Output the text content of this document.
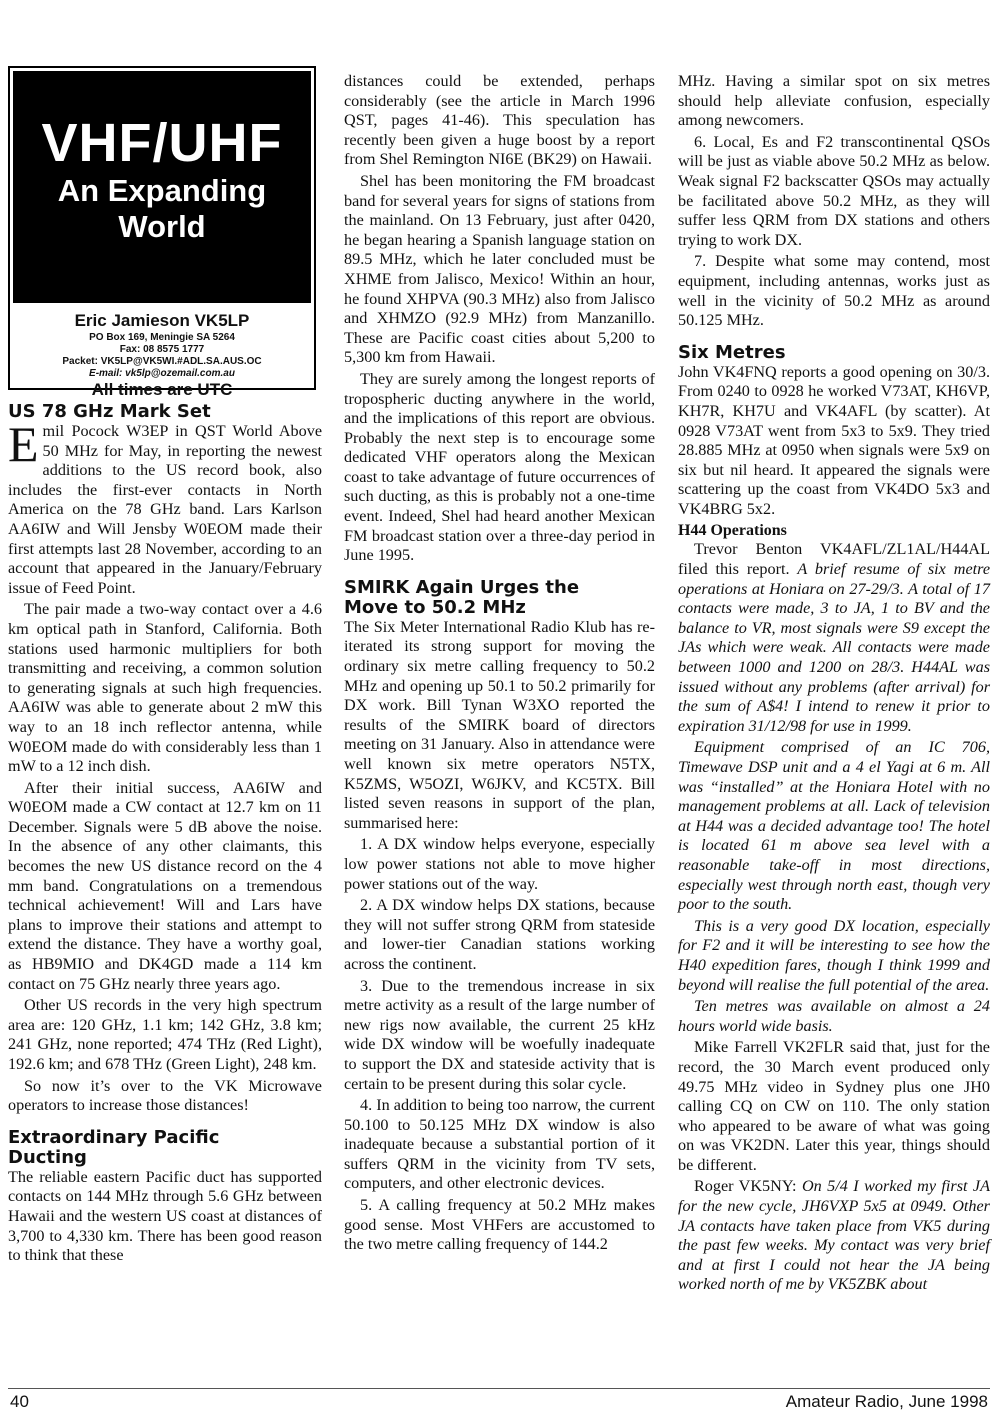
VHF/UHF
An Expanding
World
Eric Jamieson VK5LP
PO Box 169, Meningie SA 5264
Fax: 08 8575 1777
Packet: VK5LP@VK5WI.#ADL.SA.AUS.OC
E-mail: vk5lp@ozemail.com.au
All times are UTC
US 78 GHz Mark Set

Emil Pocock W3EP in QST World Above 50 MHz for May, in reporting the newest additions to the US record book, also includes the first-ever contacts in North America on the 78 GHz band. Lars Karlson AA6IW and Will Jensby W0EOM made their first attempts last 28 November, according to an account that appeared in the January/February issue of Feed Point.

The pair made a two-way contact over a 4.6 km optical path in Stanford, California. Both stations used harmonic multipliers for both transmitting and receiving, a common solution to generating signals at such high frequencies. AA6IW was able to generate about 2 mW this way to an 18 inch reflector antenna, while W0EOM made do with considerably less than 1 mW to a 12 inch dish.

After their initial success, AA6IW and W0EOM made a CW contact at 12.7 km on 11 December. Signals were 5 dB above the noise. In the absence of any other claimants, this becomes the new US distance record on the 4 mm band. Congratulations on a tremendous technical achievement! Will and Lars have plans to improve their stations and attempt to extend the distance. They have a worthy goal, as HB9MIO and DK4GD made a 114 km contact on 75 GHz nearly three years ago.

Other US records in the very high spectrum area are: 120 GHz, 1.1 km; 142 GHz, 3.8 km; 241 GHz, none reported; 474 THz (Red Light), 192.6 km; and 678 THz (Green Light), 248 km.

So now it’s over to the VK Microwave operators to increase those distances!

Extraordinary Pacific
Ducting

The reliable eastern Pacific duct has supported contacts on 144 MHz through 5.6 GHz between Hawaii and the western US coast at distances of 3,700 to 4,330 km. There has been good reason to think that these

distances could be extended, perhaps considerably (see the article in March 1996 QST, pages 41-46). This speculation has recently been given a huge boost by a report from Shel Remington NI6E (BK29) on Hawaii.

Shel has been monitoring the FM broadcast band for several years for signs of stations from the mainland. On 13 February, just after 0420, he began hearing a Spanish language station on 89.5 MHz, which he later concluded must be XHME from Jalisco, Mexico! Within an hour, he found XHPVA (90.3 MHz) also from Jalisco and XHMZO (92.9 MHz) from Manzanillo. These are Pacific coast cities about 5,200 to 5,300 km from Hawaii.

They are surely among the longest reports of tropospheric ducting anywhere in the world, and the implications of this report are obvious. Probably the next step is to encourage some dedicated VHF operators along the Mexican coast to take advantage of future occurrences of such ducting, as this is probably not a one-time event. Indeed, Shel had heard another Mexican FM broadcast station over a three-day period in June 1995.

SMIRK Again Urges the
Move to 50.2 MHz

The Six Meter International Radio Klub has re-iterated its strong support for moving the ordinary six metre calling frequency to 50.2 MHz and opening up 50.1 to 50.2 primarily for DX work. Bill Tynan W3XO reported the results of the SMIRK board of directors meeting on 31 January. Also in attendance were well known six metre operators N5TX, K5ZMS, W5OZI, W6JKV, and KC5TX. Bill listed seven reasons in support of the plan, summarised here:

1. A DX window helps everyone, especially low power stations not able to move higher power stations out of the way.

2. A DX window helps DX stations, because they will not suffer strong QRM from stateside and lower-tier Canadian stations working across the continent.

3. Due to the tremendous increase in six metre activity as a result of the large number of new rigs now available, the current 25 kHz wide DX window will be woefully inadequate to support the DX and stateside activity that is certain to be present during this solar cycle.

4. In addition to being too narrow, the current 50.100 to 50.125 MHz DX window is also inadequate because a substantial portion of it suffers QRM in the vicinity from TV sets, computers, and other electronic devices.

5. A calling frequency at 50.2 MHz makes good sense. Most VHFers are accustomed to the two metre calling frequency of 144.2

MHz. Having a similar spot on six metres should help alleviate confusion, especially among newcomers.

6. Local, Es and F2 transcontinental QSOs will be just as viable above 50.2 MHz as below. Weak signal F2 backscatter QSOs may actually be facilitated above 50.2 MHz, as they will suffer less QRM from DX stations and others trying to work DX.

7. Despite what some may contend, most equipment, including antennas, works just as well in the vicinity of 50.2 MHz as around 50.125 MHz.

Six Metres

John VK4FNQ reports a good opening on 30/3. From 0240 to 0928 he worked V73AT, KH6VP, KH7R, KH7U and VK4AFL (by scatter). At 0928 V73AT went from 5x3 to 5x9. They tried 28.885 MHz at 0950 when signals were 5x9 on six but nil heard. It appeared the signals were scattering up the coast from VK4DO 5x3 and VK4BRG 5x2.

H44 Operations

Trevor Benton VK4AFL/ZL1AL/H44AL filed this report. A brief resume of six metre operations at Honiara on 27-29/3. A total of 17 contacts were made, 3 to JA, 1 to BV and the balance to VR, most signals were S9 except the JAs which were weak. All contacts were made between 1000 and 1200 on 28/3. H44AL was issued without any problems (after arrival) for the sum of A$4! I intend to renew it prior to expiration 31/12/98 for use in 1999.

Equipment comprised of an IC 706, Timewave DSP unit and a 4 el Yagi at 6 m. All was “installed” at the Honiara Hotel with no management problems at all. Lack of television at H44 was a decided advantage too! The hotel is located 61 m above sea level with a reasonable take-off in most directions, especially west through north east, though very poor to the south.

This is a very good DX location, especially for F2 and it will be interesting to see how the H40 expedition fares, though I think 1999 and beyond will realise the full potential of the area.

Ten metres was available on almost a 24 hours world wide basis.

Mike Farrell VK2FLR said that, just for the record, the 30 March event produced only 49.75 MHz video in Sydney plus one JH0 calling CQ on CW on 110. The only station who appeared to be aware of what was going on was VK2DN. Later this year, things should be different.

Roger VK5NY: On 5/4 I worked my first JA for the new cycle, JH6VXP 5x5 at 0949. Other JA contacts have taken place from VK5 during the past few weeks. My contact was very brief and at first I could not hear the JA being worked north of me by VK5ZBK about

40	Amateur Radio, June 1998
